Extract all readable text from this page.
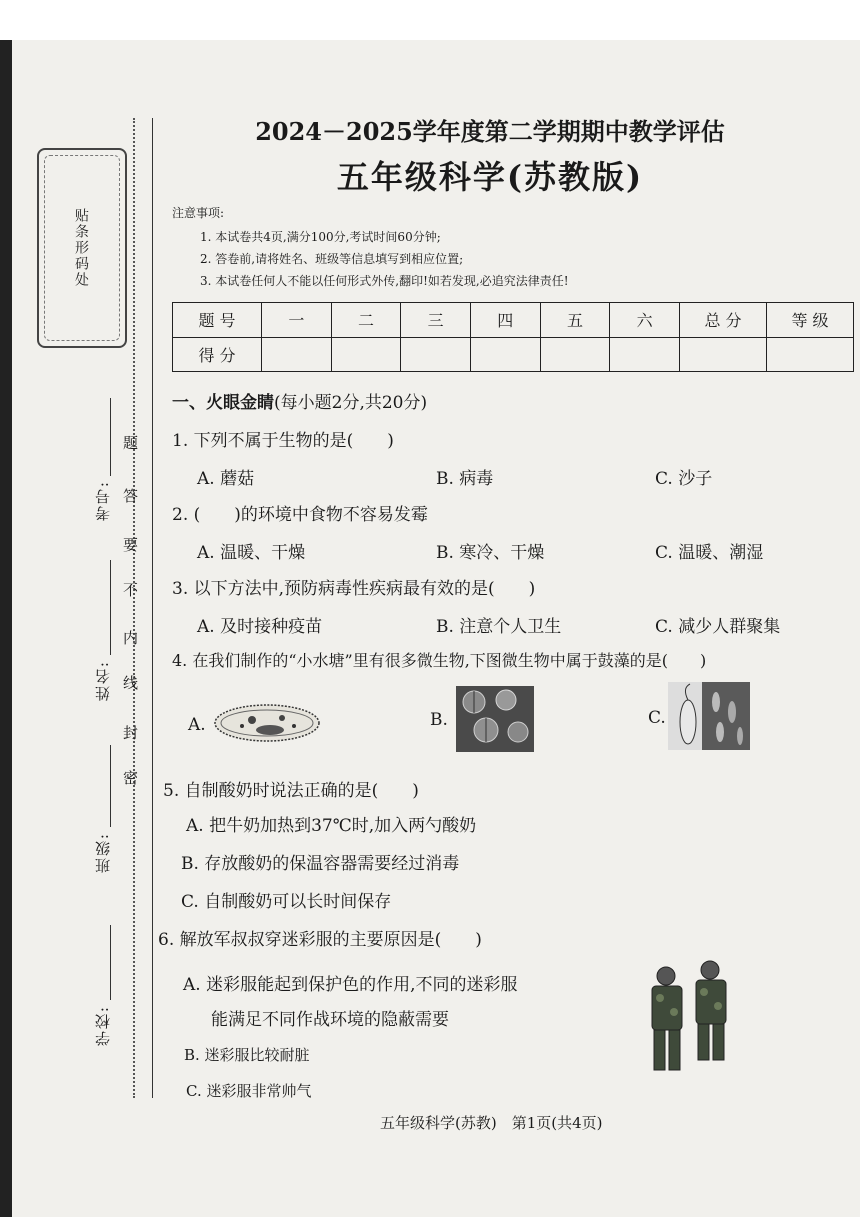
贴条形码处
题
答
要
不
内
线
封
密
考号:
姓名:
班级:
学校:
2024－2025学年度第二学期期中教学评估
五年级科学(苏教版)
注意事项:
1. 本试卷共4页,满分100分,考试时间60分钟;
2. 答卷前,请将姓名、班级等信息填写到相应位置;
3. 本试卷任何人不能以任何形式外传,翻印!如若发现,必追究法律责任!
题 号	一	二	三	四	五	六	总 分	等 级
得 分								
一、火眼金睛(每小题2分,共20分)
1. 下列不属于生物的是(　　)
A. 蘑菇	B. 病毒	C. 沙子
2. (　　)的环境中食物不容易发霉
A. 温暖、干燥	B. 寒冷、干燥	C. 温暖、潮湿
3. 以下方法中,预防病毒性疾病最有效的是(　　)
A. 及时接种疫苗	B. 注意个人卫生	C. 减少人群聚集
4. 在我们制作的“小水塘”里有很多微生物,下图微生物中属于鼓藻的是(　　)
A.	B.	C.
5. 自制酸奶时说法正确的是(　　)
A. 把牛奶加热到37℃时,加入两勺酸奶
B. 存放酸奶的保温容器需要经过消毒
C. 自制酸奶可以长时间保存
6. 解放军叔叔穿迷彩服的主要原因是(　　)
A. 迷彩服能起到保护色的作用,不同的迷彩服
能满足不同作战环境的隐蔽需要
B. 迷彩服比较耐脏
C. 迷彩服非常帅气
五年级科学(苏教)　第1页(共4页)
